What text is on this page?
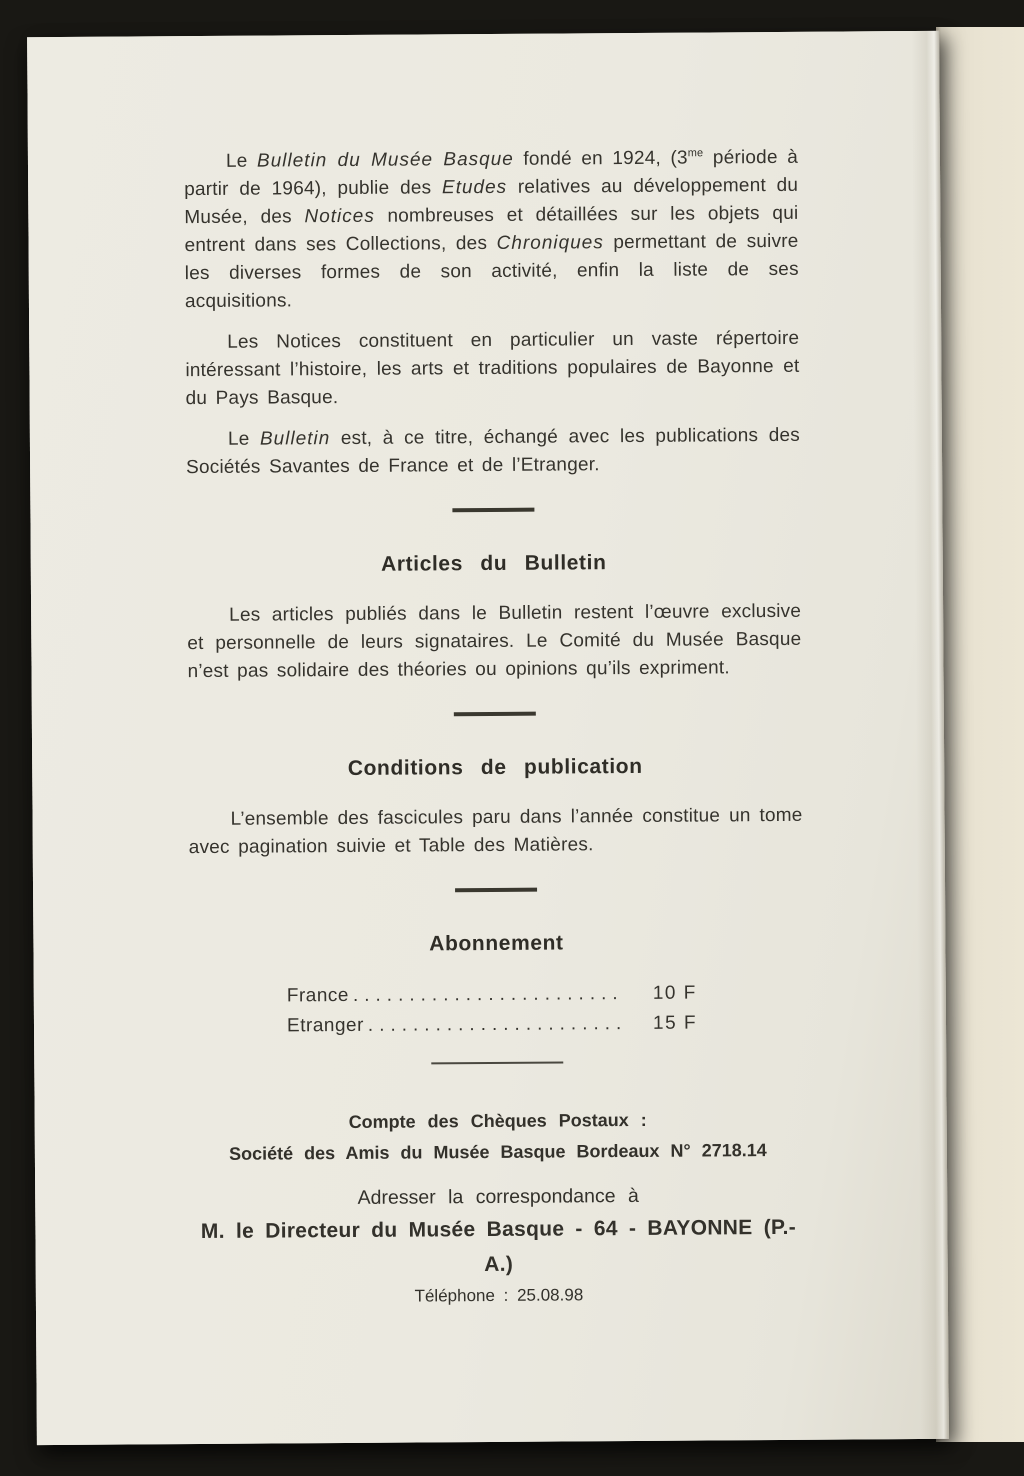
Le Bulletin du Musée Basque fondé en 1924, ($3^{me}$ période à partir de 1964), publie des Etudes relatives au développement du Musée, des Notices nombreuses et détaillées sur les objets qui entrent dans ses Collections, des Chroniques permettant de suivre les diverses formes de son activité, enfin la liste de ses acquisitions.

Les Notices constituent en particulier un vaste répertoire intéressant l’histoire, les arts et traditions populaires de Bayonne et du Pays Basque.

Le Bulletin est, à ce titre, échangé avec les publications des Sociétés Savantes de France et de l’Etranger.

Articles du Bulletin

Les articles publiés dans le Bulletin restent l’œuvre exclusive et personnelle de leurs signataires. Le Comité du Musée Basque n’est pas solidaire des théories ou opinions qu’ils expriment.

Conditions de publication

L’ensemble des fascicules paru dans l’année constitue un tome avec pagination suivie et Table des Matières.

Abonnement
France ........................	10 F
Etranger .......................	15 F
Compte des Chèques Postaux :
Société des Amis du Musée Basque Bordeaux N° 2718.14
Adresser la correspondance à
M. le Directeur du Musée Basque - 64 - BAYONNE (P.-A.)
Téléphone : 25.08.98
